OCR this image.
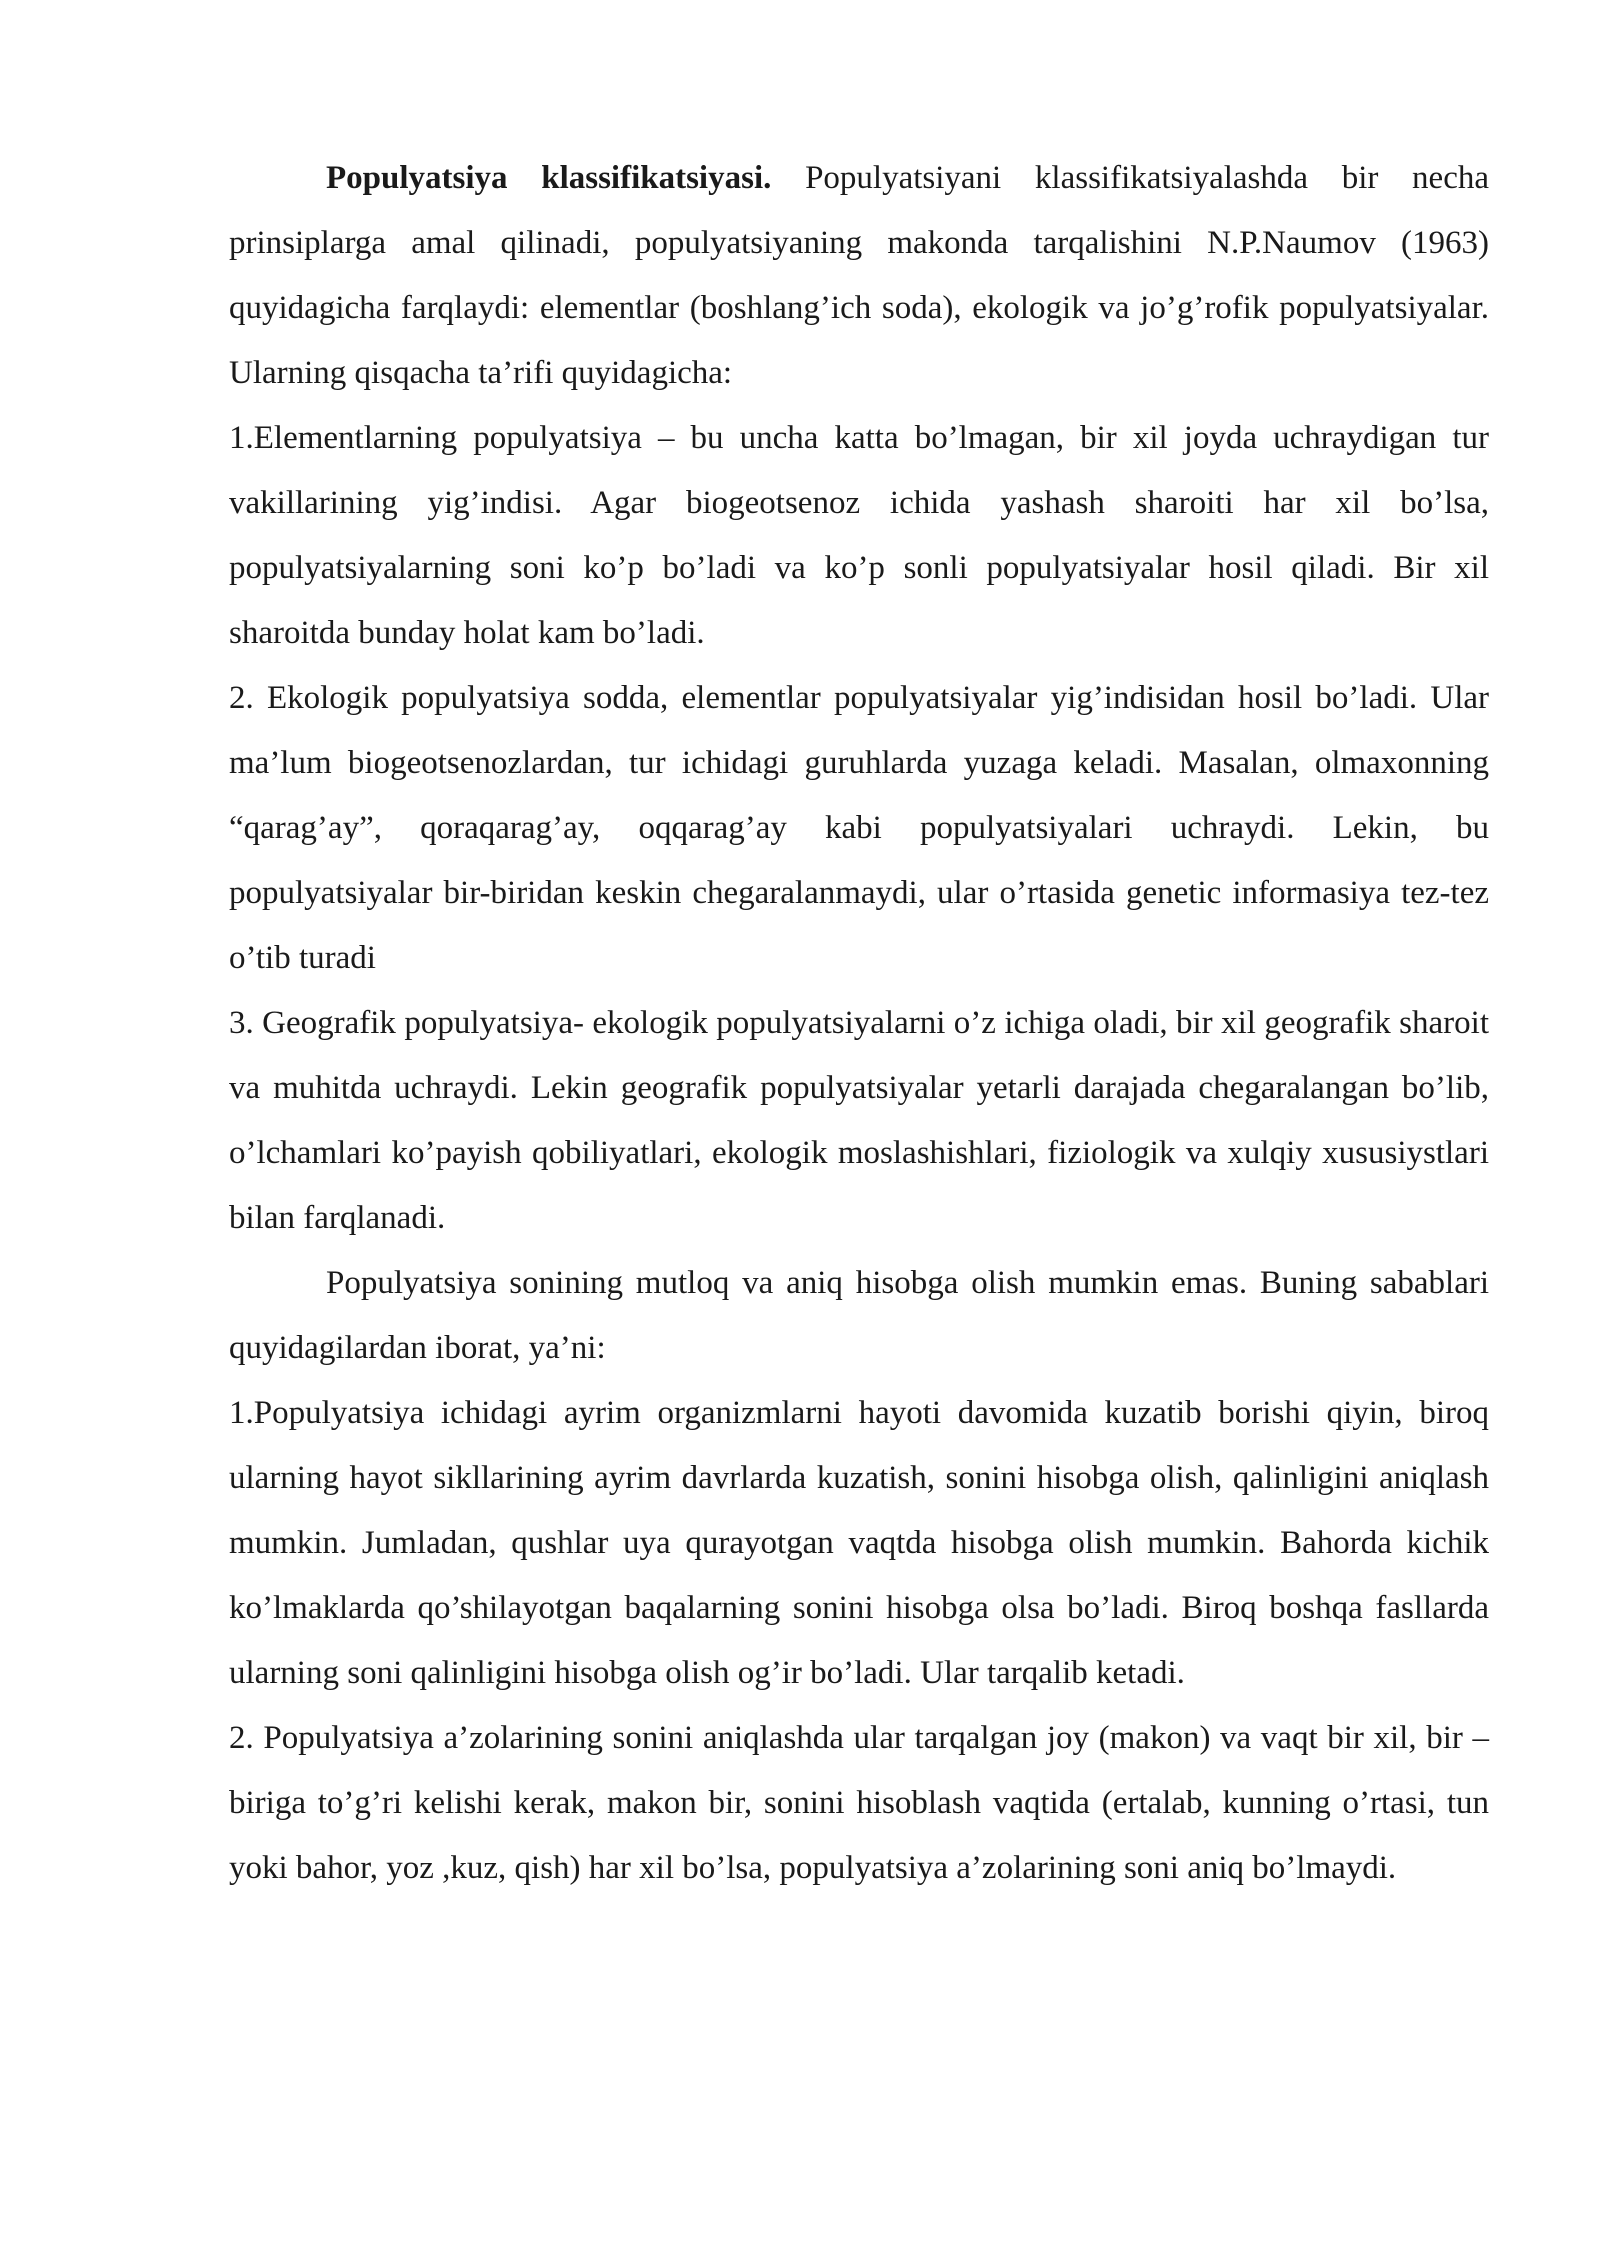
Populyatsiya klassifikatsiyasi. Populyatsiyani klassifikatsiyalashda bir necha prinsiplarga amal qilinadi, populyatsiyaning makonda tarqalishini N.P.Naumov (1963) quyidagicha farqlaydi: elementlar (boshlang’ich soda), ekologik va jo’g’rofik populyatsiyalar. Ularning qisqacha ta’rifi quyidagicha:

1.Elementlarning populyatsiya – bu uncha katta bo’lmagan, bir xil joyda uchraydigan tur vakillarining yig’indisi. Agar biogeotsenoz ichida yashash sharoiti har xil bo’lsa, populyatsiyalarning soni ko’p bo’ladi va ko’p sonli populyatsiyalar hosil qiladi. Bir xil sharoitda bunday holat kam bo’ladi.

2. Ekologik populyatsiya sodda, elementlar populyatsiyalar yig’indisidan hosil bo’ladi. Ular ma’lum biogeotsenozlardan, tur ichidagi guruhlarda yuzaga keladi. Masalan, olmaxonning “qarag’ay”, qoraqarag’ay, oqqarag’ay kabi populyatsiyalari uchraydi. Lekin, bu populyatsiyalar bir-biridan keskin chegaralanmaydi, ular o’rtasida genetic informasiya tez-tez o’tib turadi

3. Geografik populyatsiya- ekologik populyatsiyalarni o’z ichiga oladi, bir xil geografik sharoit va muhitda uchraydi. Lekin geografik populyatsiyalar yetarli darajada chegaralangan bo’lib, o’lchamlari ko’payish qobiliyatlari, ekologik moslashishlari, fiziologik va xulqiy xususiystlari bilan farqlanadi.

Populyatsiya sonining mutloq va aniq hisobga olish mumkin emas. Buning sabablari quyidagilardan iborat, ya’ni:

1.Populyatsiya ichidagi ayrim organizmlarni hayoti davomida kuzatib borishi qiyin, biroq ularning hayot sikllarining ayrim davrlarda kuzatish, sonini hisobga olish, qalinligini aniqlash mumkin. Jumladan, qushlar uya qurayotgan vaqtda hisobga olish mumkin. Bahorda kichik ko’lmaklarda qo’shilayotgan baqalarning sonini hisobga olsa bo’ladi. Biroq boshqa fasllarda ularning soni qalinligini hisobga olish og’ir bo’ladi. Ular tarqalib ketadi.

2. Populyatsiya a’zolarining sonini aniqlashda ular tarqalgan joy (makon) va vaqt bir xil, bir – biriga to’g’ri kelishi kerak, makon bir, sonini hisoblash vaqtida (ertalab, kunning o’rtasi, tun yoki bahor, yoz ,kuz, qish) har xil bo’lsa, populyatsiya a’zolarining soni aniq bo’lmaydi.
